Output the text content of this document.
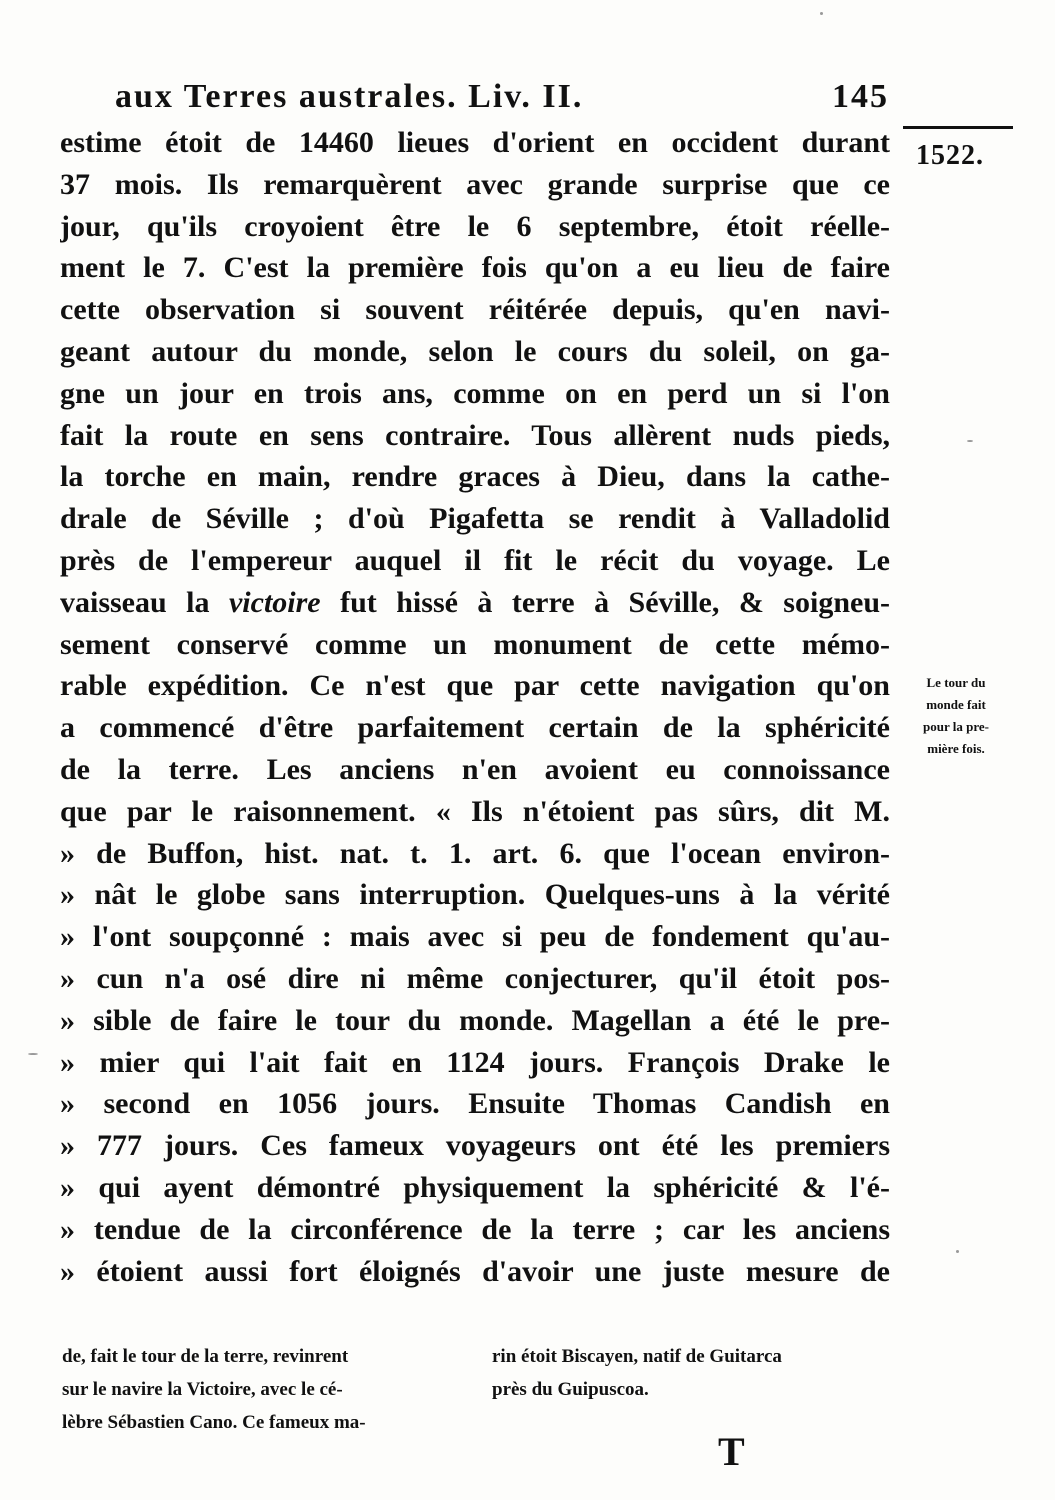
aux Terres australes. Liv. II.	145
1522.
estime étoit de 14460 lieues d'orient en occident durant
37 mois. Ils remarquèrent avec grande surprise que ce
jour, qu'ils croyoient être le 6 septembre, étoit réelle-
ment le 7. C'est la première fois qu'on a eu lieu de faire
cette observation si souvent réitérée depuis, qu'en navi-
geant autour du monde, selon le cours du soleil, on ga-
gne un jour en trois ans, comme on en perd un si l'on
fait la route en sens contraire. Tous allèrent nuds pieds,
la torche en main, rendre graces à Dieu, dans la cathe-
drale de Séville ; d'où Pigafetta se rendit à Valladolid
près de l'empereur auquel il fit le récit du voyage. Le
vaisseau la victoire fut hissé à terre à Séville, & soigneu-
sement conservé comme un monument de cette mémo-
rable expédition. Ce n'est que par cette navigation qu'on
a commencé d'être parfaitement certain de la sphéricité
de la terre. Les anciens n'en avoient eu connoissance
que par le raisonnement. « Ils n'étoient pas sûrs, dit M.
» de Buffon, hist. nat. t. 1. art. 6. que l'ocean environ-
» nât le globe sans interruption. Quelques-uns à la vérité
» l'ont soupçonné : mais avec si peu de fondement qu'au-
» cun n'a osé dire ni même conjecturer, qu'il étoit pos-
» sible de faire le tour du monde. Magellan a été le pre-
» mier qui l'ait fait en 1124 jours. François Drake le
» second en 1056 jours. Ensuite Thomas Candish en
» 777 jours. Ces fameux voyageurs ont été les premiers
» qui ayent démontré physiquement la sphéricité & l'é-
» tendue de la circonférence de la terre ; car les anciens
» étoient aussi fort éloignés d'avoir une juste mesure de
Le tour du
monde fait
pour la pre-
mière fois.
de, fait le tour de la terre, revinrent
sur le navire la Victoire, avec le cé-
lèbre Sébastien Cano. Ce fameux ma-
rin étoit Biscayen, natif de Guitarca
près du Guipuscoa.
T
